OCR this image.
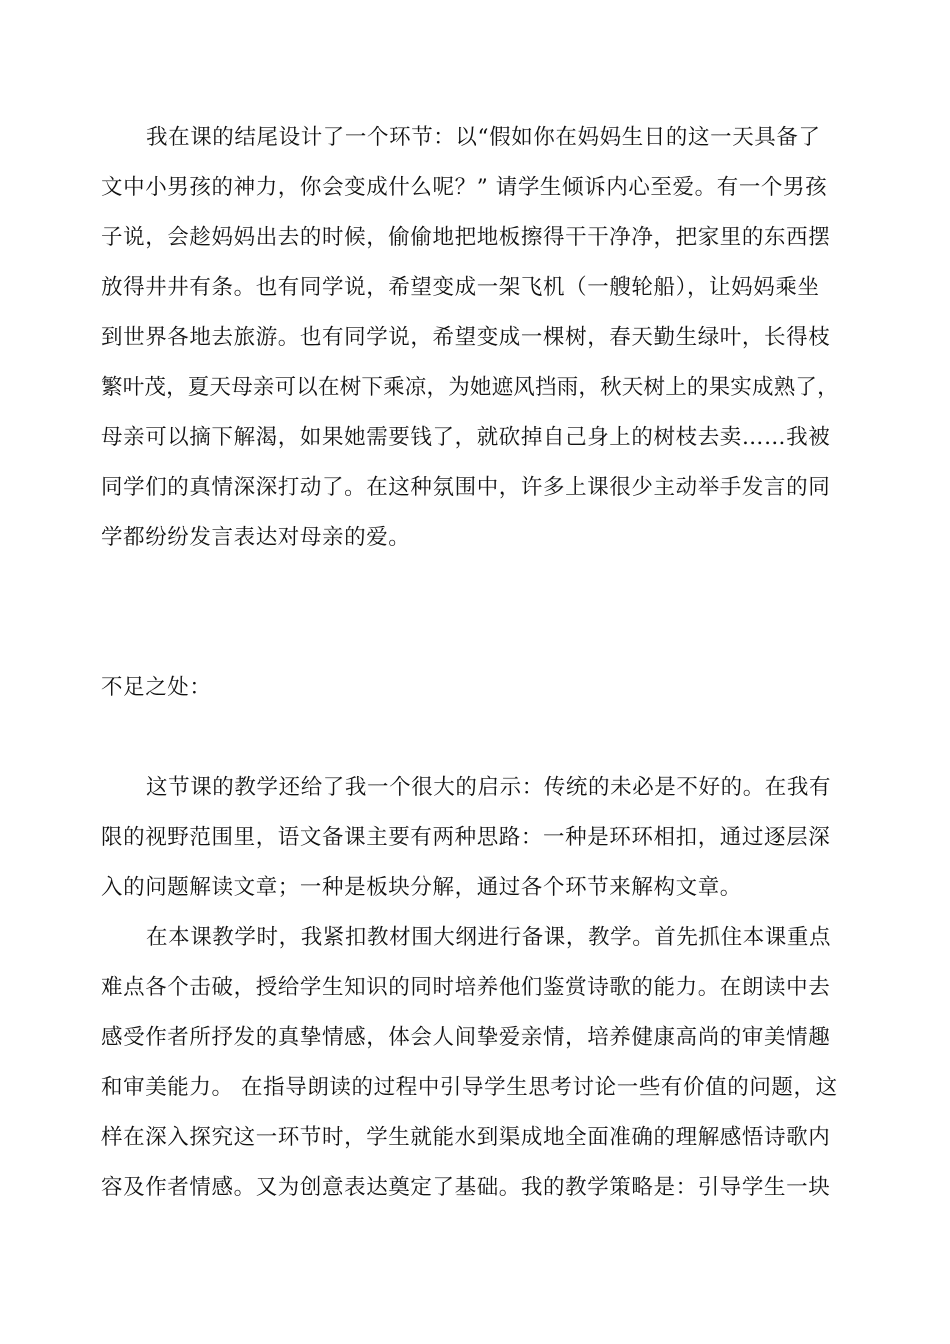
我在课的结尾设计了一个环节：以“假如你在妈妈生日的这一天具备了
文中小男孩的神力，你会变成什么呢？” 请学生倾诉内心至爱。有一个男孩
子说，会趁妈妈出去的时候，偷偷地把地板擦得干干净净，把家里的东西摆
放得井井有条。也有同学说，希望变成一架飞机（一艘轮船），让妈妈乘坐
到世界各地去旅游。也有同学说，希望变成一棵树，春天勤生绿叶，长得枝
繁叶茂，夏天母亲可以在树下乘凉，为她遮风挡雨，秋天树上的果实成熟了，
母亲可以摘下解渴，如果她需要钱了，就砍掉自己身上的树枝去卖……我被
同学们的真情深深打动了。在这种氛围中，许多上课很少主动举手发言的同
学都纷纷发言表达对母亲的爱。
不足之处：
这节课的教学还给了我一个很大的启示：传统的未必是不好的。在我有
限的视野范围里，语文备课主要有两种思路：一种是环环相扣，通过逐层深
入的问题解读文章；一种是板块分解，通过各个环节来解构文章。
在本课教学时，我紧扣教材围大纲进行备课，教学。首先抓住本课重点
难点各个击破，授给学生知识的同时培养他们鉴赏诗歌的能力。在朗读中去
感受作者所抒发的真挚情感，体会人间挚爱亲情，培养健康高尚的审美情趣
和审美能力。 在指导朗读的过程中引导学生思考讨论一些有价值的问题，这
样在深入探究这一环节时，学生就能水到渠成地全面准确的理解感悟诗歌内
容及作者情感。又为创意表达奠定了基础。我的教学策略是：引导学生一块
